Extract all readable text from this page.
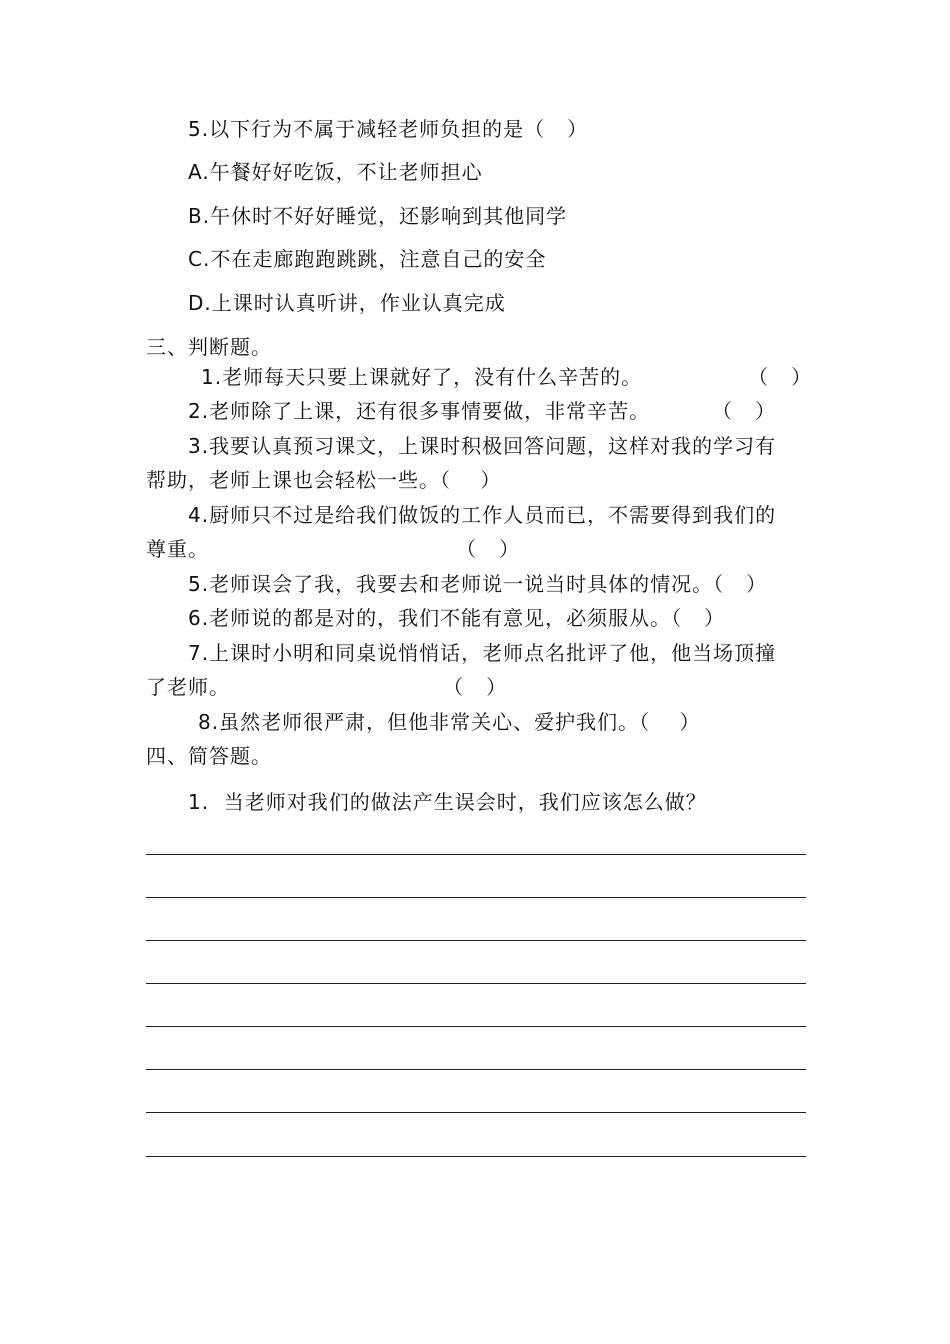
5.以下行为不属于减轻老师负担的是（   ）
A.午餐好好吃饭，不让老师担心
B.午休时不好好睡觉，还影响到其他同学
C.不在走廊跑跑跳跳，注意自己的安全
D.上课时认真听讲，作业认真完成
三、判断题。
1.老师每天只要上课就好了，没有什么辛苦的。	（   ）
2.老师除了上课，还有很多事情要做，非常辛苦。	（   ）
3.我要认真预习课文，上课时积极回答问题，这样对我的学习有
帮助，老师上课也会轻松一些。（    ）
4.厨师只不过是给我们做饭的工作人员而已，不需要得到我们的
尊重。	（   ）
5.老师误会了我，我要去和老师说一说当时具体的情况。（   ）
6.老师说的都是对的，我们不能有意见，必须服从。（   ）
7.上课时小明和同桌说悄悄话，老师点名批评了他，他当场顶撞
了老师。	（   ）
8.虽然老师很严肃，但他非常关心、爱护我们。（    ）
四、简答题。
1.  当老师对我们的做法产生误会时，我们应该怎么做？
